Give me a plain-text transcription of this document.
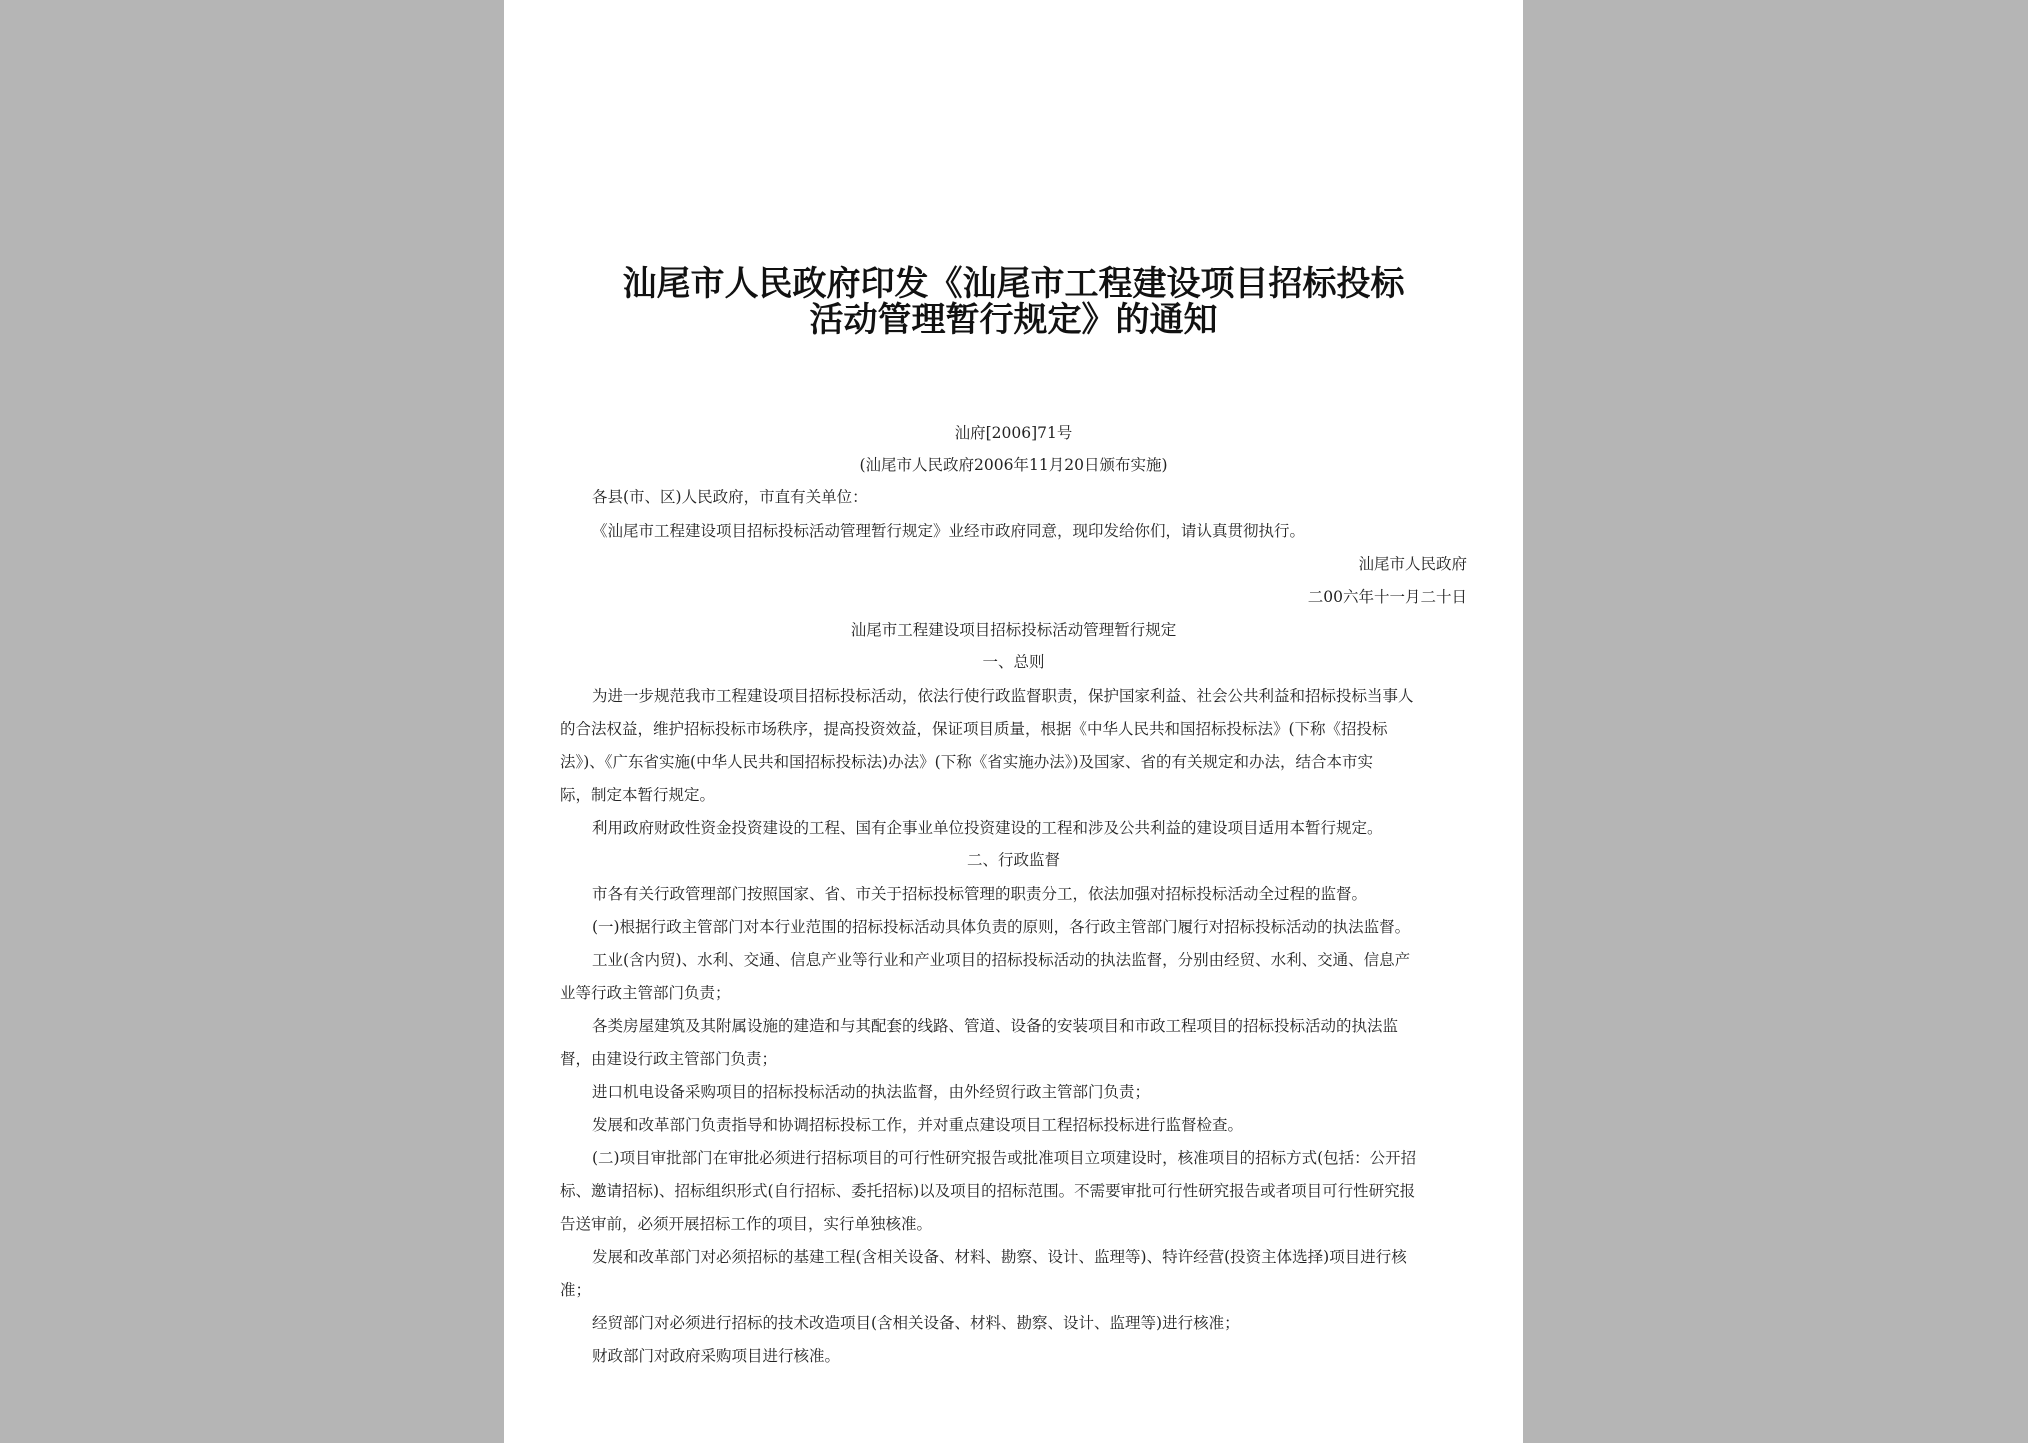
汕尾市人民政府印发《汕尾市工程建设项目招标投标
活动管理暂行规定》的通知
汕府[2006]71号
(汕尾市人民政府2006年11月20日颁布实施)
各县(市、区)人民政府，市直有关单位：
《汕尾市工程建设项目招标投标活动管理暂行规定》业经市政府同意，现印发给你们，请认真贯彻执行。
汕尾市人民政府
二00六年十一月二十日
汕尾市工程建设项目招标投标活动管理暂行规定
一、总则
为进一步规范我市工程建设项目招标投标活动，依法行使行政监督职责，保护国家利益、社会公共利益和招标投标当事人
的合法权益，维护招标投标市场秩序，提高投资效益，保证项目质量，根据《中华人民共和国招标投标法》(下称《招投标
法》)、《广东省实施(中华人民共和国招标投标法)办法》(下称《省实施办法》)及国家、省的有关规定和办法，结合本市实
际，制定本暂行规定。
利用政府财政性资金投资建设的工程、国有企事业单位投资建设的工程和涉及公共利益的建设项目适用本暂行规定。
二、行政监督
市各有关行政管理部门按照国家、省、市关于招标投标管理的职责分工，依法加强对招标投标活动全过程的监督。
(一)根据行政主管部门对本行业范围的招标投标活动具体负责的原则，各行政主管部门履行对招标投标活动的执法监督。
工业(含内贸)、水利、交通、信息产业等行业和产业项目的招标投标活动的执法监督，分别由经贸、水利、交通、信息产
业等行政主管部门负责；
各类房屋建筑及其附属设施的建造和与其配套的线路、管道、设备的安装项目和市政工程项目的招标投标活动的执法监
督，由建设行政主管部门负责；
进口机电设备采购项目的招标投标活动的执法监督，由外经贸行政主管部门负责；
发展和改革部门负责指导和协调招标投标工作，并对重点建设项目工程招标投标进行监督检查。
(二)项目审批部门在审批必须进行招标项目的可行性研究报告或批准项目立项建设时，核准项目的招标方式(包括：公开招
标、邀请招标)、招标组织形式(自行招标、委托招标)以及项目的招标范围。不需要审批可行性研究报告或者项目可行性研究报
告送审前，必须开展招标工作的项目，实行单独核准。
发展和改革部门对必须招标的基建工程(含相关设备、材料、勘察、设计、监理等)、特许经营(投资主体选择)项目进行核
准；
经贸部门对必须进行招标的技术改造项目(含相关设备、材料、勘察、设计、监理等)进行核准；
财政部门对政府采购项目进行核准。
